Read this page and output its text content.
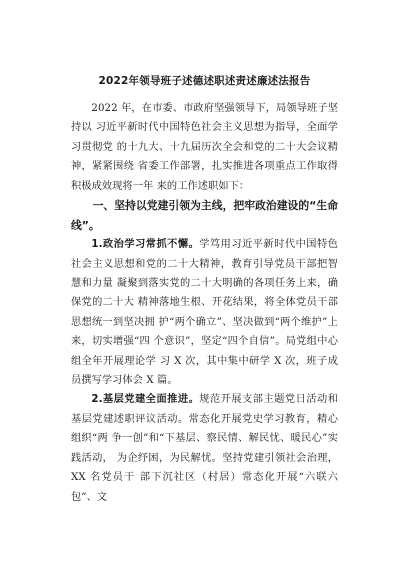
2022年领导班子述德述职述责述廉述法报告

2022 年，在市委、市政府坚强领导下，局领导班子坚持以 习近平新时代中国特色社会主义思想为指导，全面学习贯彻党 的十九大、十九届历次全会和党的二十大会议精神，紧紧围绕 省委工作部署，扎实推进各项重点工作取得积极成效现将一年 来的工作述职如下：

一、坚持以党建引领为主线，把牢政治建设的“生命线”。

1.政治学习常抓不懈。学笃用习近平新时代中国特色社会主义思想和党的二十大精神，教育引导党员干部把智慧和力量 凝聚到落实党的二十大明确的各项任务上来，确保党的二十大 精神落地生根、开花结果，将全体党员干部思想统一到坚决拥 护“两个确立”、坚决做到“两个维护”上来，切实增强“四 个意识”，坚定“四个自信”。局党组中心组全年开展理论学 习 X 次，其中集中研学 X 次，班子成员撰写学习体会 X 篇。

2.基层党建全面推进。规范开展支部主题党日活动和基层党建述职评议活动。常态化开展党史学习教育，精心组织“两 争一创”和“下基层、察民情、解民忧、暖民心”实践活动， 为企纾困，为民解忧。坚持党建引领社会治理，XX 名党员干 部下沉社区（村居）常态化开展“六联六包”、文
